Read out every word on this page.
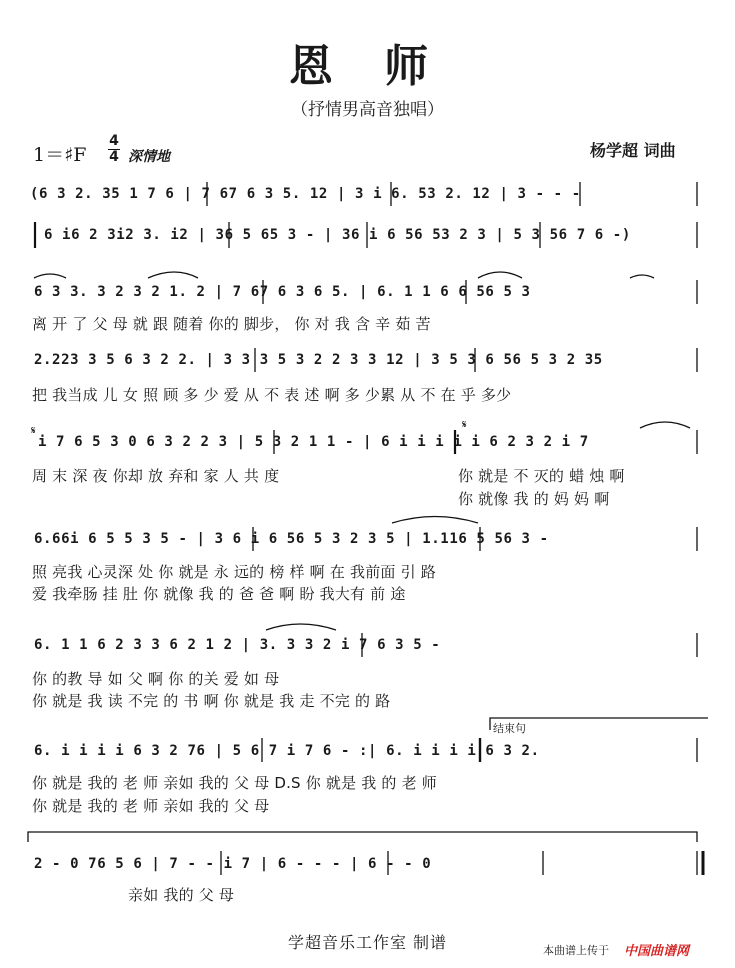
恩 师
（抒情男高音独唱）
1＝♯F
4
4 深情地	杨学超 词曲
(6 3 2. 35 1 7 6 | 7 67 6 3 5. 12 | 3 i 6. 53 2. 12 | 3 - - -
6 i6 2 3i2 3. i2 | 36 5 65 3 - | 36 i 6 56 53 2 3 | 5 3 56 7 6 -)
6 3 3. 3 2 3 2 1. 2 | 7 67 6 3 6 5. | 6. 1 1 6 6 56 5 3
离 开 了 父 母 就 跟 随着 你的 脚步， 你 对 我 含 辛 茹 苦
2.223 3 5 6 3 2 2. | 3 3 3 5 3 2 2 3 3 12 | 3 5 3 6 56 5 3 2 35
把 我当成 儿 女 照 顾 多 少 爱 从 不 表 述 啊 多 少累 从 不 在 乎 多少
𝄋	𝄋
i 7 6 5 3 0 6 3 2 2 3 | 5 3 2 1 1 - | 6 i i i i i 6 2 3 2 i 7
周 末 深 夜 你却 放 弃和 家 人 共 度	你 就是 不 灭的 蜡 烛 啊
你 就像 我 的 妈 妈 啊
6.66i 6 5 5 3 5 - | 3 6 i 6 56 5 3 2 3 5 | 1.116 5 56 3 -
照 亮我 心灵深 处 你 就是 永 远的 榜 样 啊 在 我前面 引 路
爱 我牵肠 挂 肚 你 就像 我 的 爸 爸 啊 盼 我大有 前 途
6. 1 1 6 2 3 3 6 2 1 2 | 3. 3 3 2 i 7 6 3 5 -
你 的教 导 如 父 啊 你 的关 爱 如 母
你 就是 我 读 不完 的 书 啊 你 就是 我 走 不完 的 路
结束句
6. i i i i 6 3 2 76 | 5 6 7 i 7 6 - :| 6. i i i i 6 3 2.
你 就是 我的 老 师 亲如 我的 父 母 D.S 你 就是 我 的 老 师
你 就是 我的 老 师 亲如 我的 父 母
2 - 0 76 5 6 | 7 - - i 7 | 6 - - - | 6 - - 0
亲如 我的 父 母
学超音乐工作室 制谱	本曲谱上传于 中国曲谱网
